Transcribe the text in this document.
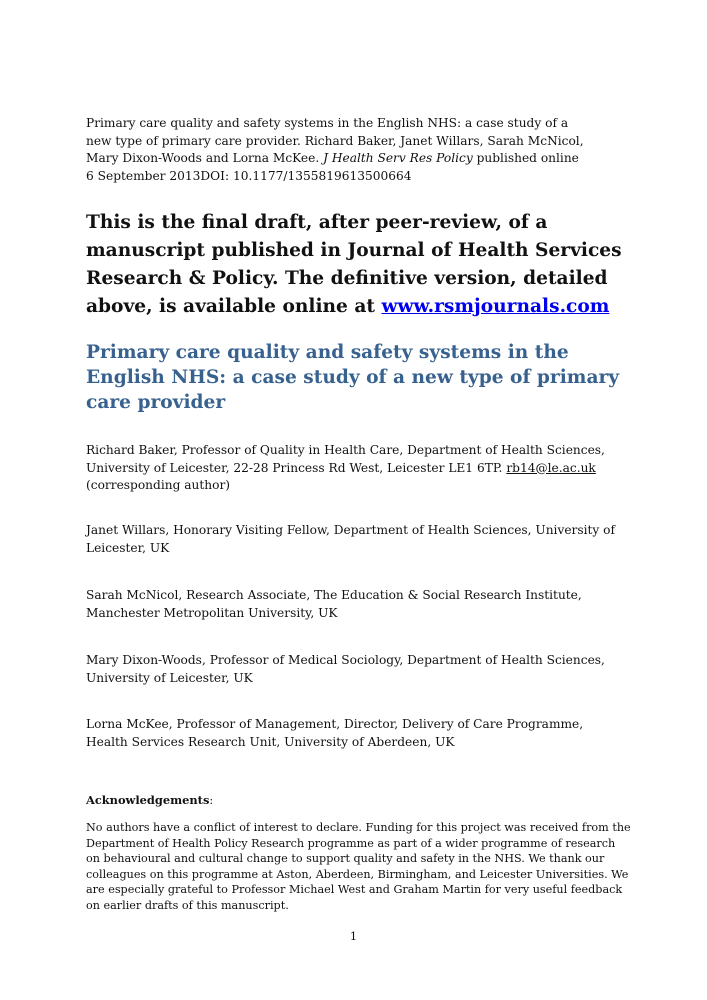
Primary care quality and safety systems in the English NHS: a case study of a new type of primary care provider. Richard Baker, Janet Willars, Sarah McNicol, Mary Dixon-Woods and Lorna McKee. J Health Serv Res Policy published online 6 September 2013DOI: 10.1177/1355819613500664

This is the final draft, after peer-review, of a manuscript published in Journal of Health Services Research & Policy. The definitive version, detailed above, is available online at www.rsmjournals.com

Primary care quality and safety systems in the English NHS: a case study of a new type of primary care provider

Richard Baker, Professor of Quality in Health Care, Department of Health Sciences, University of Leicester, 22-28 Princess Rd West, Leicester LE1 6TP. rb14@le.ac.uk
(corresponding author)

Janet Willars, Honorary Visiting Fellow, Department of Health Sciences, University of Leicester, UK

Sarah McNicol, Research Associate, The Education & Social Research Institute, Manchester Metropolitan University, UK

Mary Dixon-Woods, Professor of Medical Sociology, Department of Health Sciences, University of Leicester, UK

Lorna McKee, Professor of Management, Director, Delivery of Care Programme, Health Services Research Unit, University of Aberdeen, UK

Acknowledgements:

No authors have a conflict of interest to declare. Funding for this project was received from the Department of Health Policy Research programme as part of a wider programme of research on behavioural and cultural change to support quality and safety in the NHS. We thank our colleagues on this programme at Aston, Aberdeen, Birmingham, and Leicester Universities. We are especially grateful to Professor Michael West and Graham Martin for very useful feedback on earlier drafts of this manuscript.

1
